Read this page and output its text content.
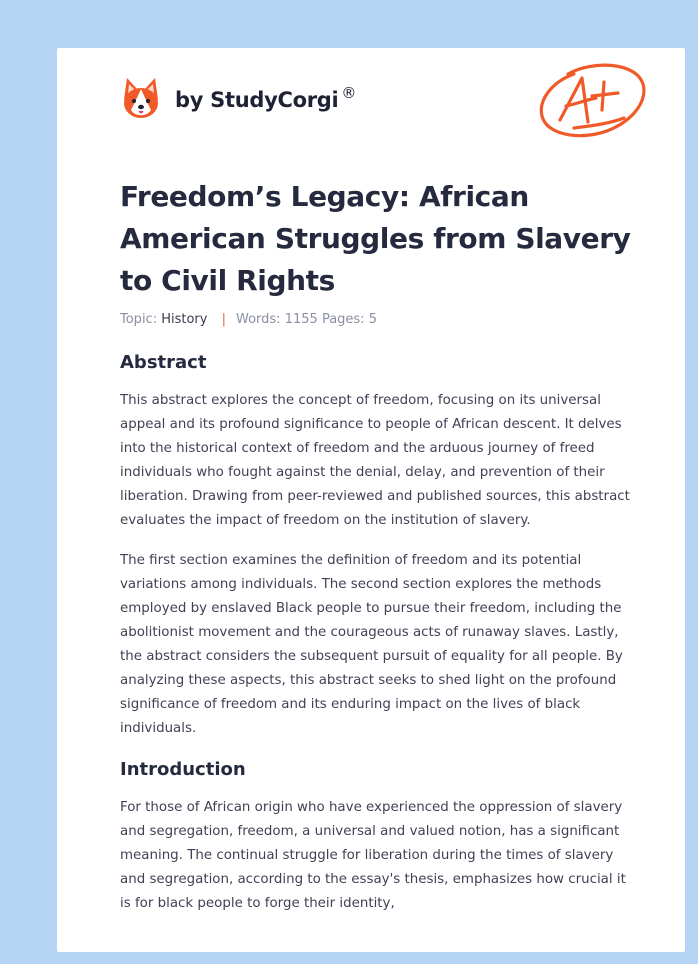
by StudyCorgi ®
Freedom’s Legacy: African American Struggles from Slavery to Civil Rights
Topic: History | Words: 1155 Pages: 5
Abstract

This abstract explores the concept of freedom, focusing on its universal appeal and its profound significance to people of African descent. It delves into the historical context of freedom and the arduous journey of freed individuals who fought against the denial, delay, and prevention of their liberation. Drawing from peer-reviewed and published sources, this abstract evaluates the impact of freedom on the institution of slavery.

The first section examines the definition of freedom and its potential variations among individuals. The second section explores the methods employed by enslaved Black people to pursue their freedom, including the abolitionist movement and the courageous acts of runaway slaves. Lastly, the abstract considers the subsequent pursuit of equality for all people. By analyzing these aspects, this abstract seeks to shed light on the profound significance of freedom and its enduring impact on the lives of black individuals.

Introduction

For those of African origin who have experienced the oppression of slavery and segregation, freedom, a universal and valued notion, has a significant meaning. The continual struggle for liberation during the times of slavery and segregation, according to the essay's thesis, emphasizes how crucial it is for black people to forge their identity,
